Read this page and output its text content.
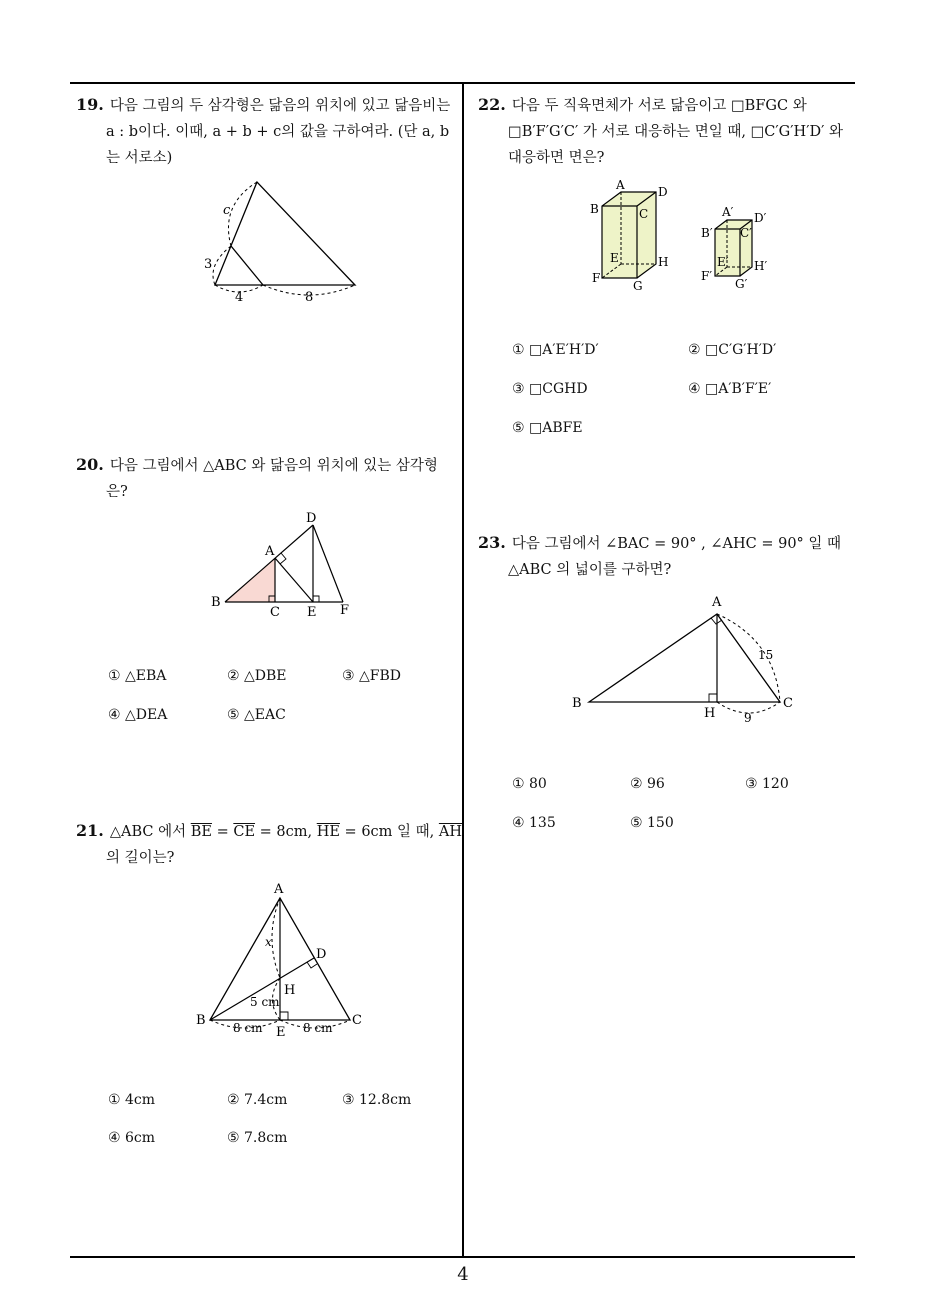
19. 다음 그림의 두 삼각형은 닮음의 위치에 있고 닮음비는
a : b이다. 이때, a + b + c의 값을 구하여라. (단 a, b
는 서로소)
c
3
4	8
20. 다음 그림에서 △ABC 와 닮음의 위치에 있는 삼각형
은?
A
B
C
D
E F
① △EBA	② △DBE	③ △FBD
④ △DEA	⑤ △EAC
21. △ABC 에서 $\overline{BE} = \overline{CE} = 8cm$, $\overline{HE} = 6cm$ 일 때, $\overline{AH}$
의 길이는?
A
B	C
D
E
H
x
5 cm
8 cm	8 cm
① 4cm	② 7.4cm	③ 12.8cm
④ 6cm	⑤ 7.8cm
22. 다음 두 직육면체가 서로 닮음이고 □BFGC 와
□B′F′G′C′ 가 서로 대응하는 면일 때, □C′G′H′D′ 와
대응하면 면은?
A
B	C
D
E
F
G
H
A′
B′ C′
D′
E′
F′
G′
H′
① □A′E′H′D′	② □C′G′H′D′
③ □CGHD	④ □A′B′F′E′
⑤ □ABFE
23. 다음 그림에서 ∠BAC = 90° , ∠AHC = 90° 일 때
△ABC 의 넓이를 구하면?
A
B	C
H
15
9
① 80	② 96	③ 120
④ 135	⑤ 150
4
